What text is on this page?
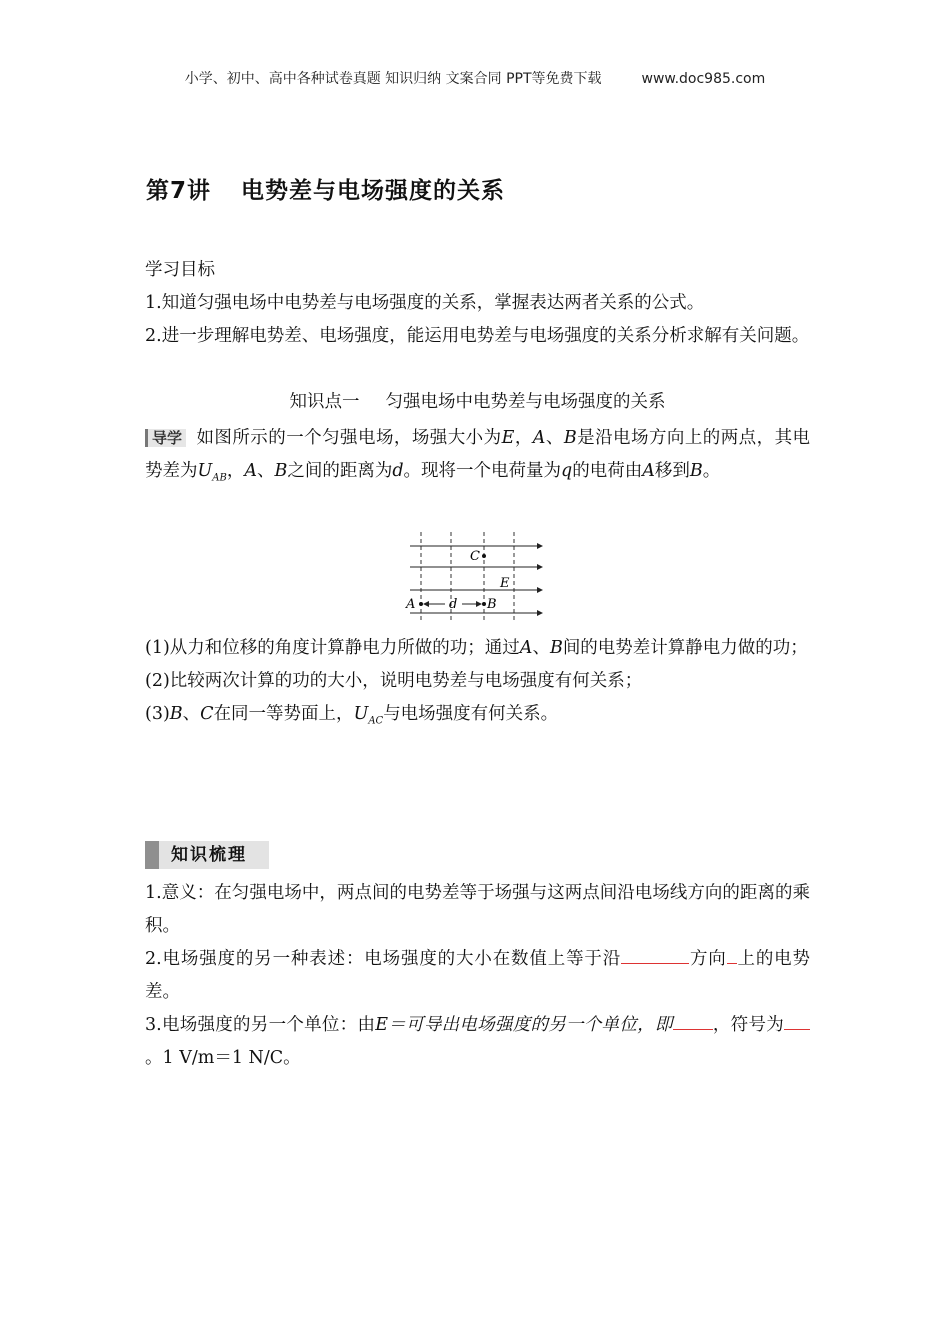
小学、初中、高中各种试卷真题 知识归纳 文案合同 PPT等免费下载	www.doc985.com
第7讲 电势差与电场强度的关系
学习目标

1.知道匀强电场中电势差与电场强度的关系，掌握表达两者关系的公式。

2.进一步理解电势差、电场强度，能运用电势差与电场强度的关系分析求解有关问题。

知识点一 匀强电场中电势差与电场强度的关系
导学 如图所示的一个匀强电场，场强大小为E，A、B是沿电场方向上的两点，其电势差为$U_{AB}$，A、B之间的距离为d。现将一个电荷量为q的电荷由A移到B。
C
E
A	d B

(1)从力和位移的角度计算静电力所做的功；通过A、B间的电势差计算静电力做的功；

(2)比较两次计算的功的大小，说明电势差与电场强度有何关系；

(3)B、C在同一等势面上，$U_{AC}$与电场强度有何关系。

知识梳理

1.意义：在匀强电场中，两点间的电势差等于场强与这两点间沿电场线方向的距离的乘积。

2.电场强度的另一种表述：电场强度的大小在数值上等于沿	方向 上的电势差。

3.电场强度的另一个单位：由E＝可导出电场强度的另一个单位，即 ，符号为。1 V/m＝1 N/C。
